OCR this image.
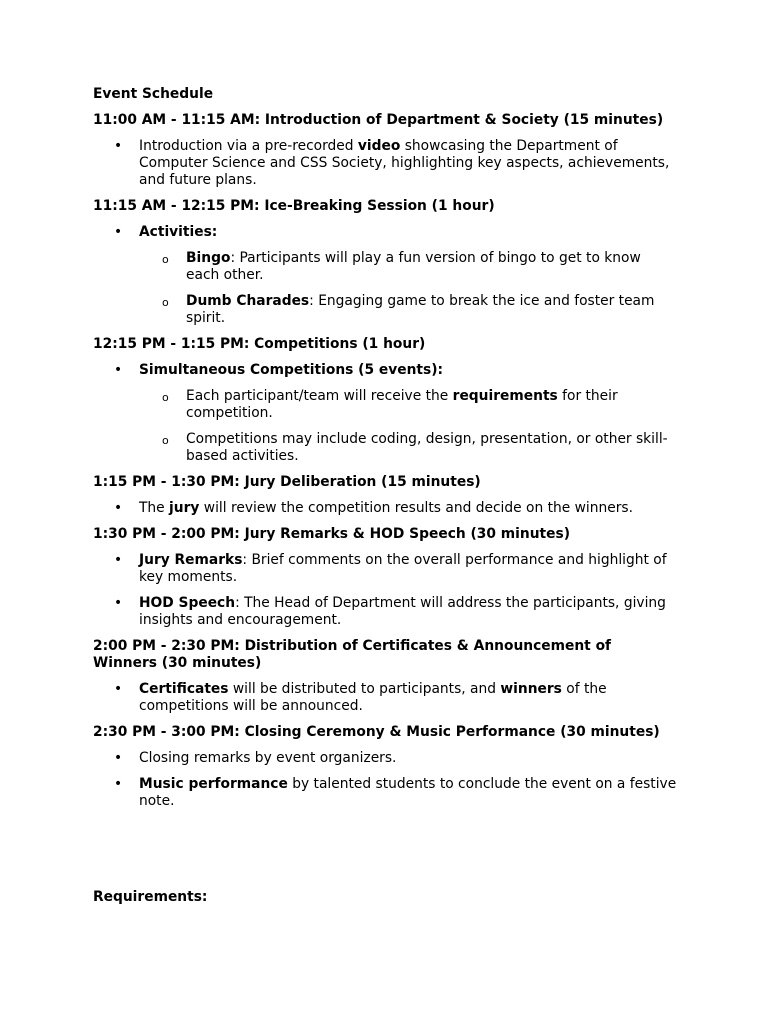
Event Schedule
11:00 AM - 11:15 AM: Introduction of Department & Society (15 minutes)
• Introduction via a pre-recorded video showcasing the Department of Computer Science and CSS Society, highlighting key aspects, achievements, and future plans.
11:15 AM - 12:15 PM: Ice-Breaking Session (1 hour)
• Activities:
o Bingo: Participants will play a fun version of bingo to get to know each other.
o Dumb Charades: Engaging game to break the ice and foster team spirit.
12:15 PM - 1:15 PM: Competitions (1 hour)
• Simultaneous Competitions (5 events):
o Each participant/team will receive the requirements for their competition.
o Competitions may include coding, design, presentation, or other skill-based activities.
1:15 PM - 1:30 PM: Jury Deliberation (15 minutes)
• The jury will review the competition results and decide on the winners.
1:30 PM - 2:00 PM: Jury Remarks & HOD Speech (30 minutes)
• Jury Remarks: Brief comments on the overall performance and highlight of key moments.
• HOD Speech: The Head of Department will address the participants, giving insights and encouragement.
2:00 PM - 2:30 PM: Distribution of Certificates & Announcement of Winners (30 minutes)
• Certificates will be distributed to participants, and winners of the competitions will be announced.
2:30 PM - 3:00 PM: Closing Ceremony & Music Performance (30 minutes)
• Closing remarks by event organizers.
• Music performance by talented students to conclude the event on a festive note.
Requirements:
